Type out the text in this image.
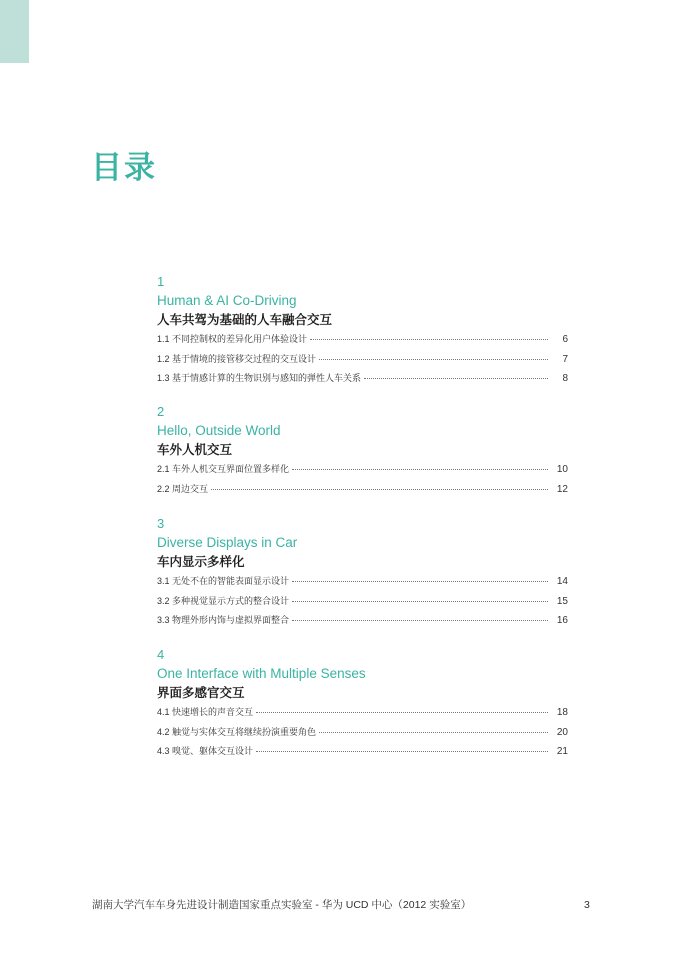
目录
1
Human & AI Co-Driving
人车共驾为基础的人车融合交互
1.1 不同控制权的差异化用户体验设计	6
1.2 基于情境的接管移交过程的交互设计	7
1.3 基于情感计算的生物识别与感知的弹性人车关系	8
2
Hello, Outside World
车外人机交互
2.1 车外人机交互界面位置多样化	10
2.2 周边交互	12
3
Diverse Displays in Car
车内显示多样化
3.1 无处不在的智能表面显示设计	14
3.2 多种视觉显示方式的整合设计	15
3.3 物理外形内饰与虚拟界面整合	16
4
One Interface with Multiple Senses
界面多感官交互
4.1 快速增长的声音交互	18
4.2 触觉与实体交互将继续扮演重要角色	20
4.3 嗅觉、躯体交互设计	21
湖南大学汽车车身先进设计制造国家重点实验室 - 华为 UCD 中心（2012 实验室）	3
